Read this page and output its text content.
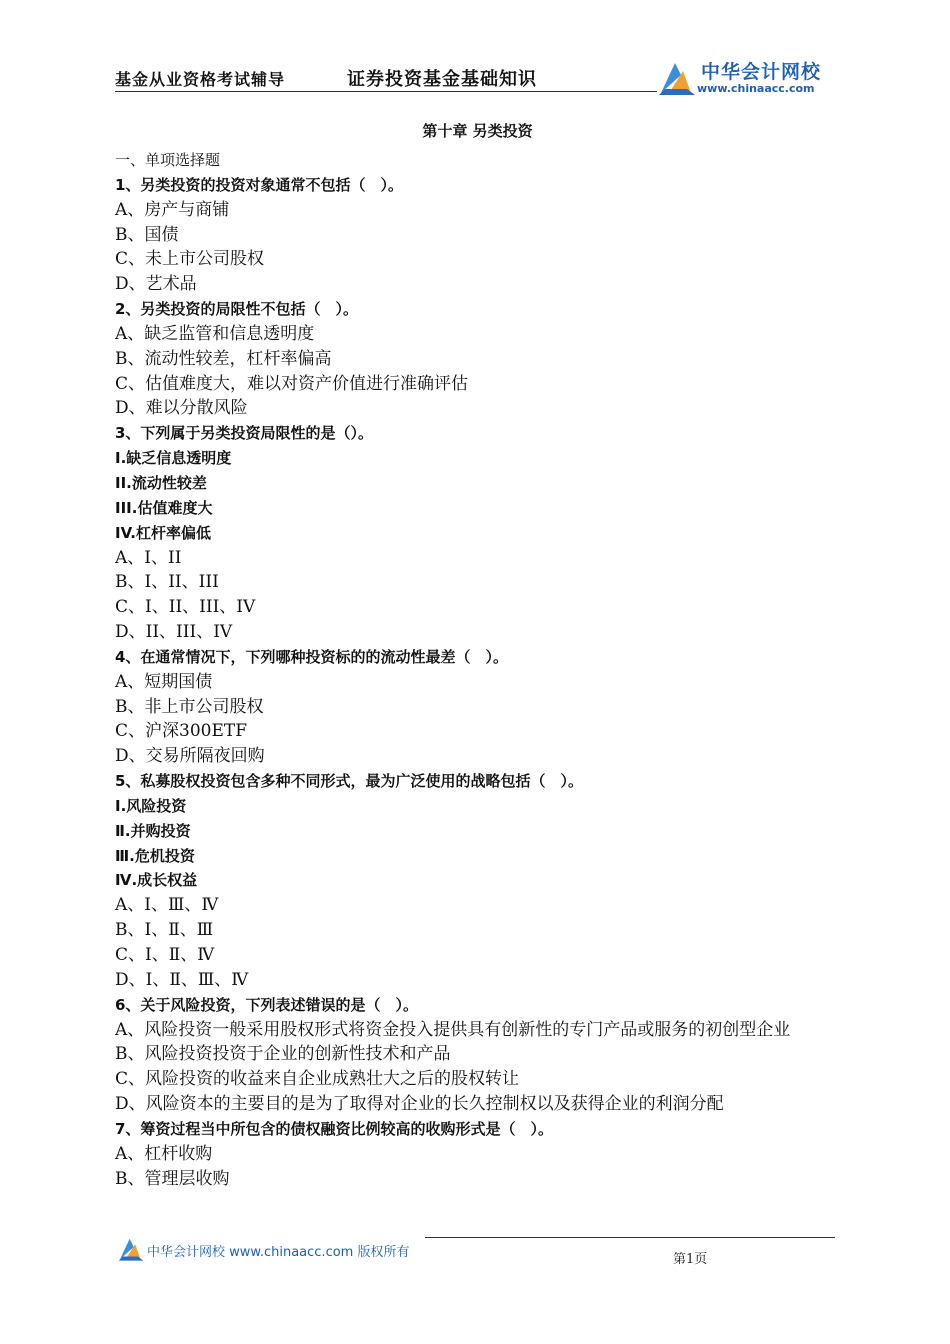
基金从业资格考试辅导	证券投资基金基础知识	中华会计网校
www.chinaacc.com
第十章 另类投资
一、单项选择题
1、另类投资的投资对象通常不包括（　）。
A、房产与商铺
B、国债
C、未上市公司股权
D、艺术品
2、另类投资的局限性不包括（　）。
A、缺乏监管和信息透明度
B、流动性较差，杠杆率偏高
C、估值难度大，难以对资产价值进行准确评估
D、难以分散风险
3、下列属于另类投资局限性的是（）。
I.缺乏信息透明度
II.流动性较差
III.估值难度大
IV.杠杆率偏低
A、I、II
B、I、II、III
C、I、II、III、IV
D、II、III、IV
4、在通常情况下，下列哪种投资标的的流动性最差（　）。
A、短期国债
B、非上市公司股权
C、沪深300ETF
D、交易所隔夜回购
5、私募股权投资包含多种不同形式，最为广泛使用的战略包括（　）。
Ⅰ.风险投资
Ⅱ.并购投资
Ⅲ.危机投资
Ⅳ.成长权益
A、Ⅰ、Ⅲ、Ⅳ
B、Ⅰ、Ⅱ、Ⅲ
C、Ⅰ、Ⅱ、Ⅳ
D、Ⅰ、Ⅱ、Ⅲ、Ⅳ
6、关于风险投资，下列表述错误的是（　）。
A、风险投资一般采用股权形式将资金投入提供具有创新性的专门产品或服务的初创型企业
B、风险投资投资于企业的创新性技术和产品
C、风险投资的收益来自企业成熟壮大之后的股权转让
D、风险资本的主要目的是为了取得对企业的长久控制权以及获得企业的利润分配
7、筹资过程当中所包含的债权融资比例较高的收购形式是（　）。
A、杠杆收购
B、管理层收购
中华会计网校 www.chinaacc.com 版权所有	第1页
